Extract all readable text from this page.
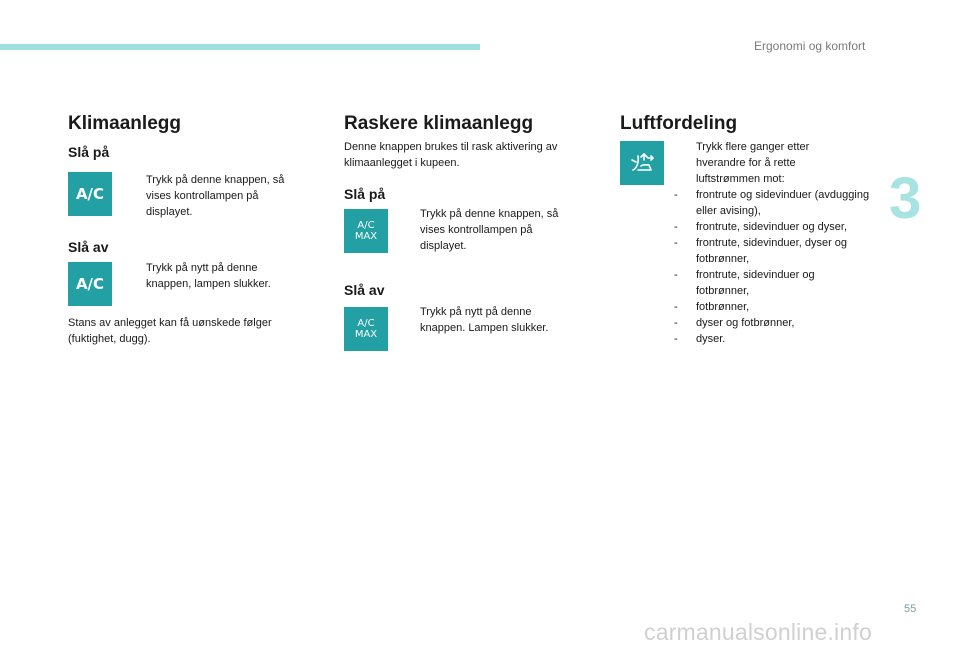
Ergonomi og komfort
3
Klimaanlegg
Slå på
A/C
Trykk på denne knappen, så vises kontrollampen på displayet.
Slå av
A/C
Trykk på nytt på denne knappen, lampen slukker.
Stans av anlegget kan få uønskede følger (fuktighet, dugg).
Raskere klimaanlegg
Denne knappen brukes til rask aktivering av klimaanlegget i kupeen.
Slå på
A/C
MAX
Trykk på denne knappen, så vises kontrollampen på displayet.
Slå av
A/C
MAX
Trykk på nytt på denne knappen. Lampen slukker.
Luftfordeling
Trykk flere ganger etter hverandre for å rette luftstrømmen mot:
- frontrute og sidevinduer (avdugging eller avising),
- frontrute, sidevinduer og dyser,
- frontrute, sidevinduer, dyser og fotbrønner,
- frontrute, sidevinduer og fotbrønner,
- fotbrønner,
- dyser og fotbrønner,
- dyser.
55
carmanualsonline.info
